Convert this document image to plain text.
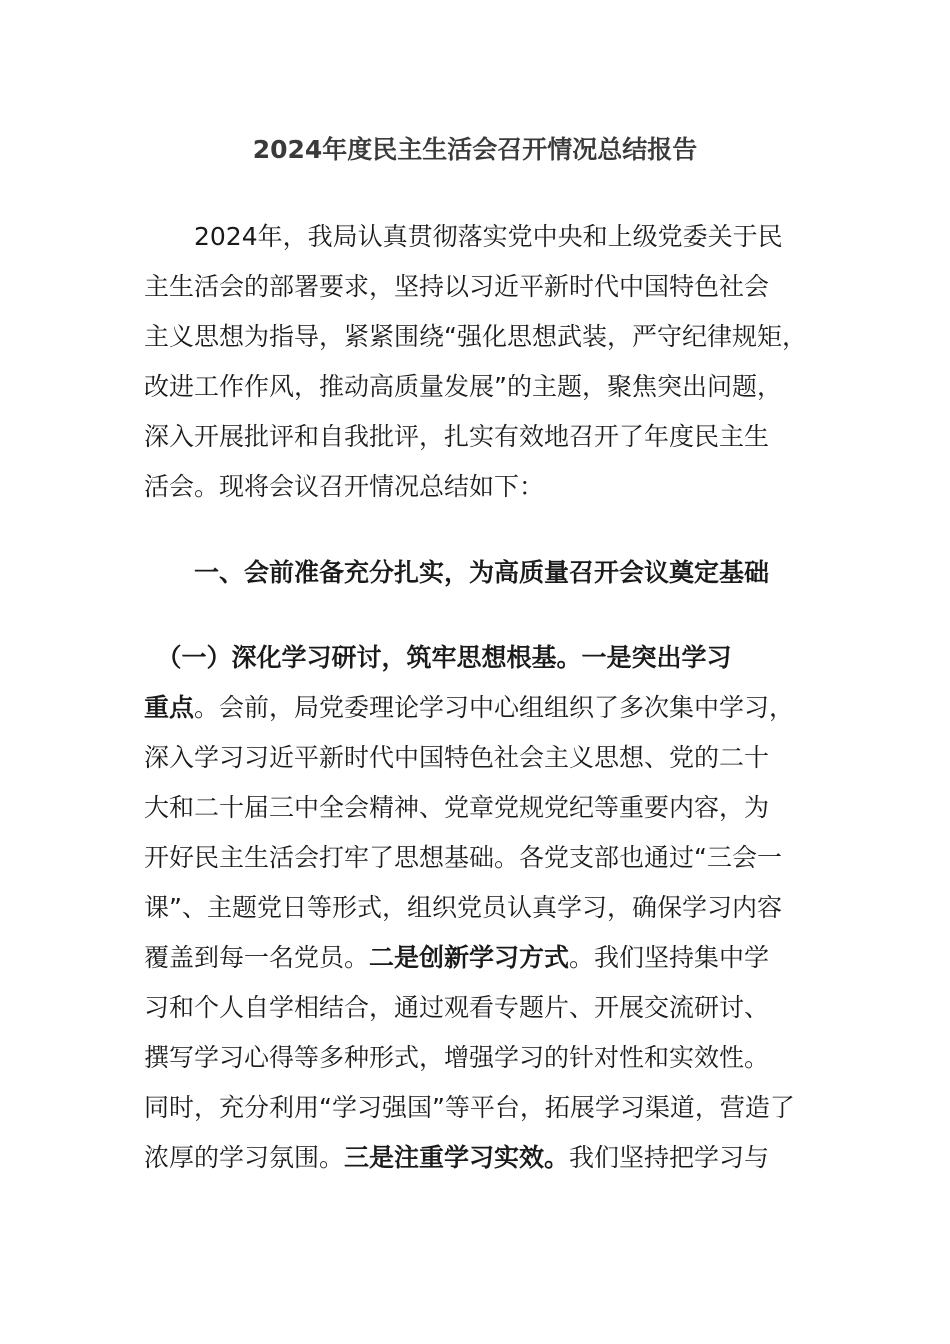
2024年度民主生活会召开情况总结报告
　　2024年，我局认真贯彻落实党中央和上级党委关于民
主生活会的部署要求，坚持以习近平新时代中国特色社会
主义思想为指导，紧紧围绕“强化思想武装，严守纪律规矩，
改进工作作风，推动高质量发展”的主题，聚焦突出问题，
深入开展批评和自我批评，扎实有效地召开了年度民主生
活会。现将会议召开情况总结如下：
　　一、会前准备充分扎实，为高质量召开会议奠定基础
　（一）深化学习研讨，筑牢思想根基。一是突出学习
重点。会前，局党委理论学习中心组组织了多次集中学习，
深入学习习近平新时代中国特色社会主义思想、党的二十
大和二十届三中全会精神、党章党规党纪等重要内容，为
开好民主生活会打牢了思想基础。各党支部也通过“三会一
课”、主题党日等形式，组织党员认真学习，确保学习内容
覆盖到每一名党员。二是创新学习方式。我们坚持集中学
习和个人自学相结合，通过观看专题片、开展交流研讨、
撰写学习心得等多种形式，增强学习的针对性和实效性。
同时，充分利用“学习强国”等平台，拓展学习渠道，营造了
浓厚的学习氛围。三是注重学习实效。我们坚持把学习与
